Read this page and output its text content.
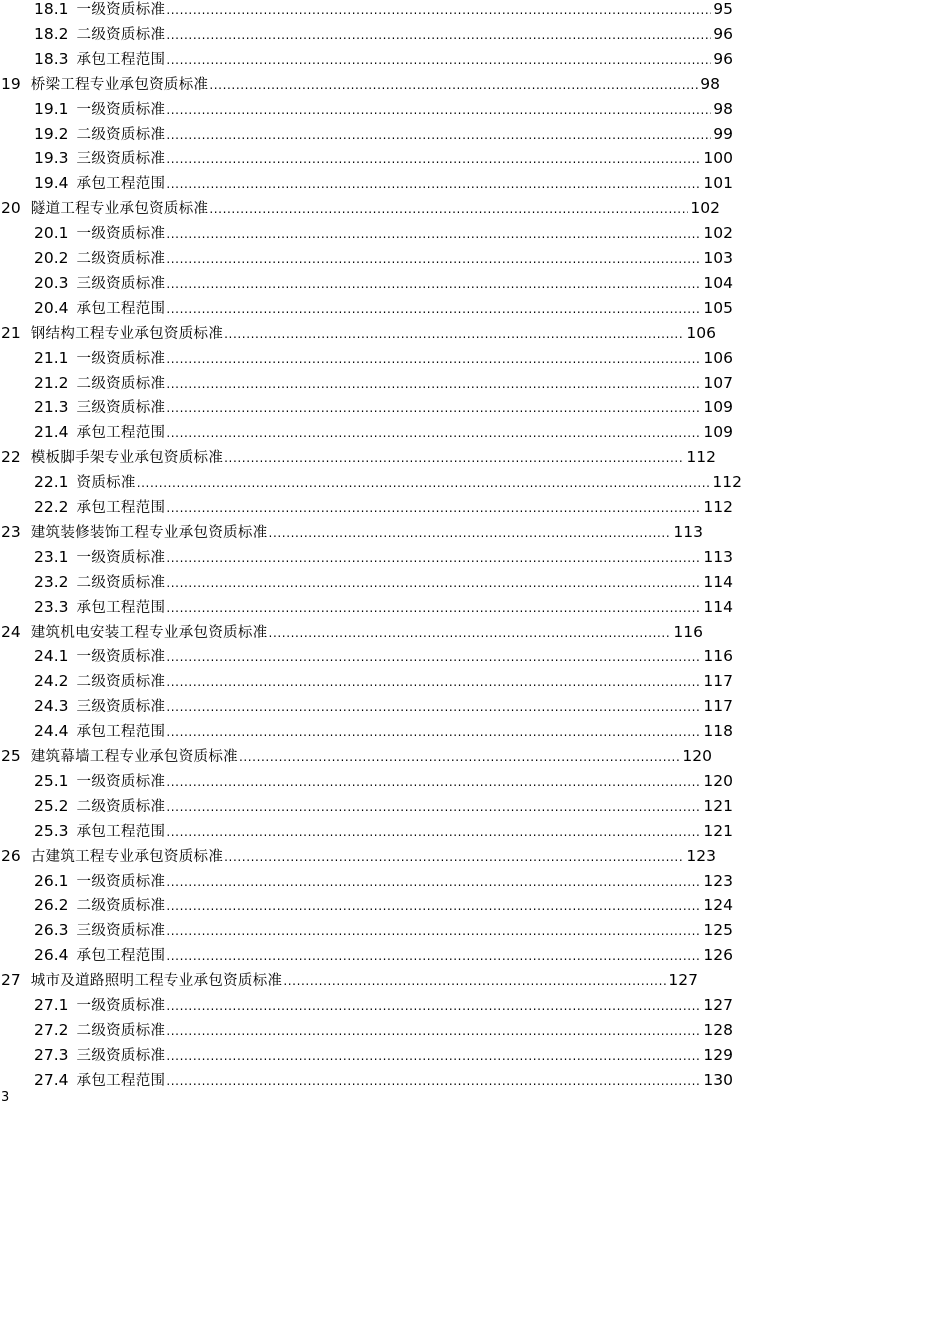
18.1 一级资质标准 .....	95
18.2 二级资质标准 .....	96
18.3 承包工程范围 .....	96
19 桥梁工程专业承包资质标准 .....	98
19.1 一级资质标准 .....	98
19.2 二级资质标准 .....	99
19.3 三级资质标准 .....	100
19.4 承包工程范围 .....	101
20 隧道工程专业承包资质标准 .....	102
20.1 一级资质标准 .....	102
20.2 二级资质标准 .....	103
20.3 三级资质标准 .....	104
20.4 承包工程范围 .....	105
21 钢结构工程专业承包资质标准 .....	106
21.1 一级资质标准 .....	106
21.2 二级资质标准 .....	107
21.3 三级资质标准 .....	109
21.4 承包工程范围 .....	109
22 模板脚手架专业承包资质标准 .....	112
22.1 资质标准 .....	112
22.2 承包工程范围 .....	112
23 建筑装修装饰工程专业承包资质标准 .....	113
23.1 一级资质标准 .....	113
23.2 二级资质标准 .....	114
23.3 承包工程范围 .....	114
24 建筑机电安装工程专业承包资质标准 .....	116
24.1 一级资质标准 .....	116
24.2 二级资质标准 .....	117
24.3 三级资质标准 .....	117
24.4 承包工程范围 .....	118
25 建筑幕墙工程专业承包资质标准 .....	120
25.1 一级资质标准 .....	120
25.2 二级资质标准 .....	121
25.3 承包工程范围 .....	121
26 古建筑工程专业承包资质标准 .....	123
26.1 一级资质标准 .....	123
26.2 二级资质标准 .....	124
26.3 三级资质标准 .....	125
26.4 承包工程范围 .....	126
27 城市及道路照明工程专业承包资质标准 .....	127
27.1 一级资质标准 .....	127
27.2 二级资质标准 .....	128
27.3 三级资质标准 .....	129
27.4 承包工程范围 .....	130
3
